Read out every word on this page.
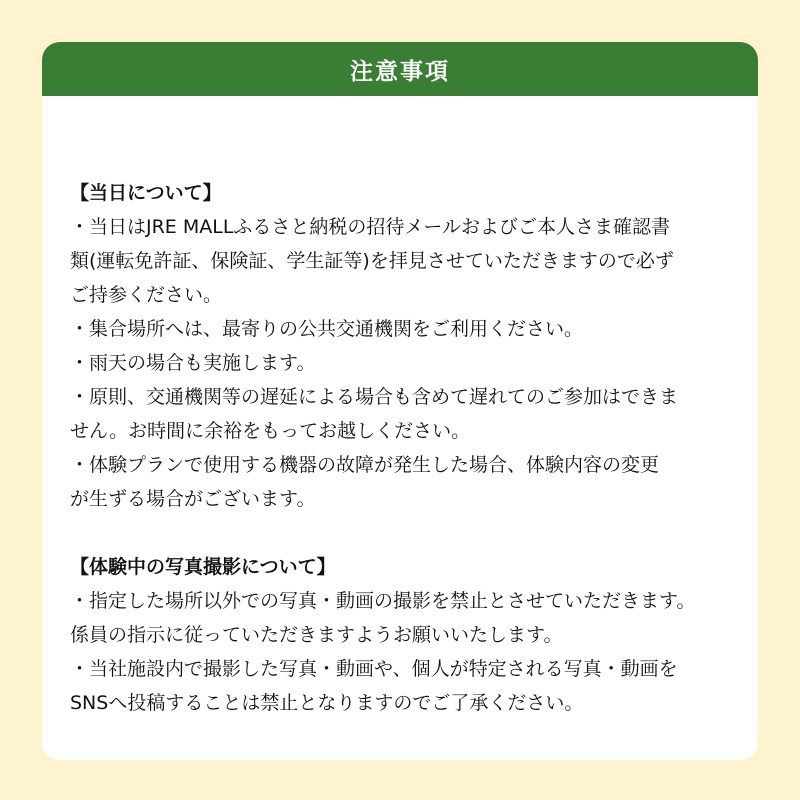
注意事項
【当日について】
・当日はJRE MALLふるさと納税の招待メールおよびご本人さま確認書
類(運転免許証、保険証、学生証等)を拝見させていただきますので必ず
ご持参ください。
・集合場所へは、最寄りの公共交通機関をご利用ください。
・雨天の場合も実施します。
・原則、交通機関等の遅延による場合も含めて遅れてのご参加はできま
せん。お時間に余裕をもってお越しください。
・体験プランで使用する機器の故障が発生した場合、体験内容の変更
が生ずる場合がございます。
【体験中の写真撮影について】
・指定した場所以外での写真・動画の撮影を禁止とさせていただきます。
係員の指示に従っていただきますようお願いいたします。
・当社施設内で撮影した写真・動画や、個人が特定される写真・動画を
SNSへ投稿することは禁止となりますのでご了承ください。
